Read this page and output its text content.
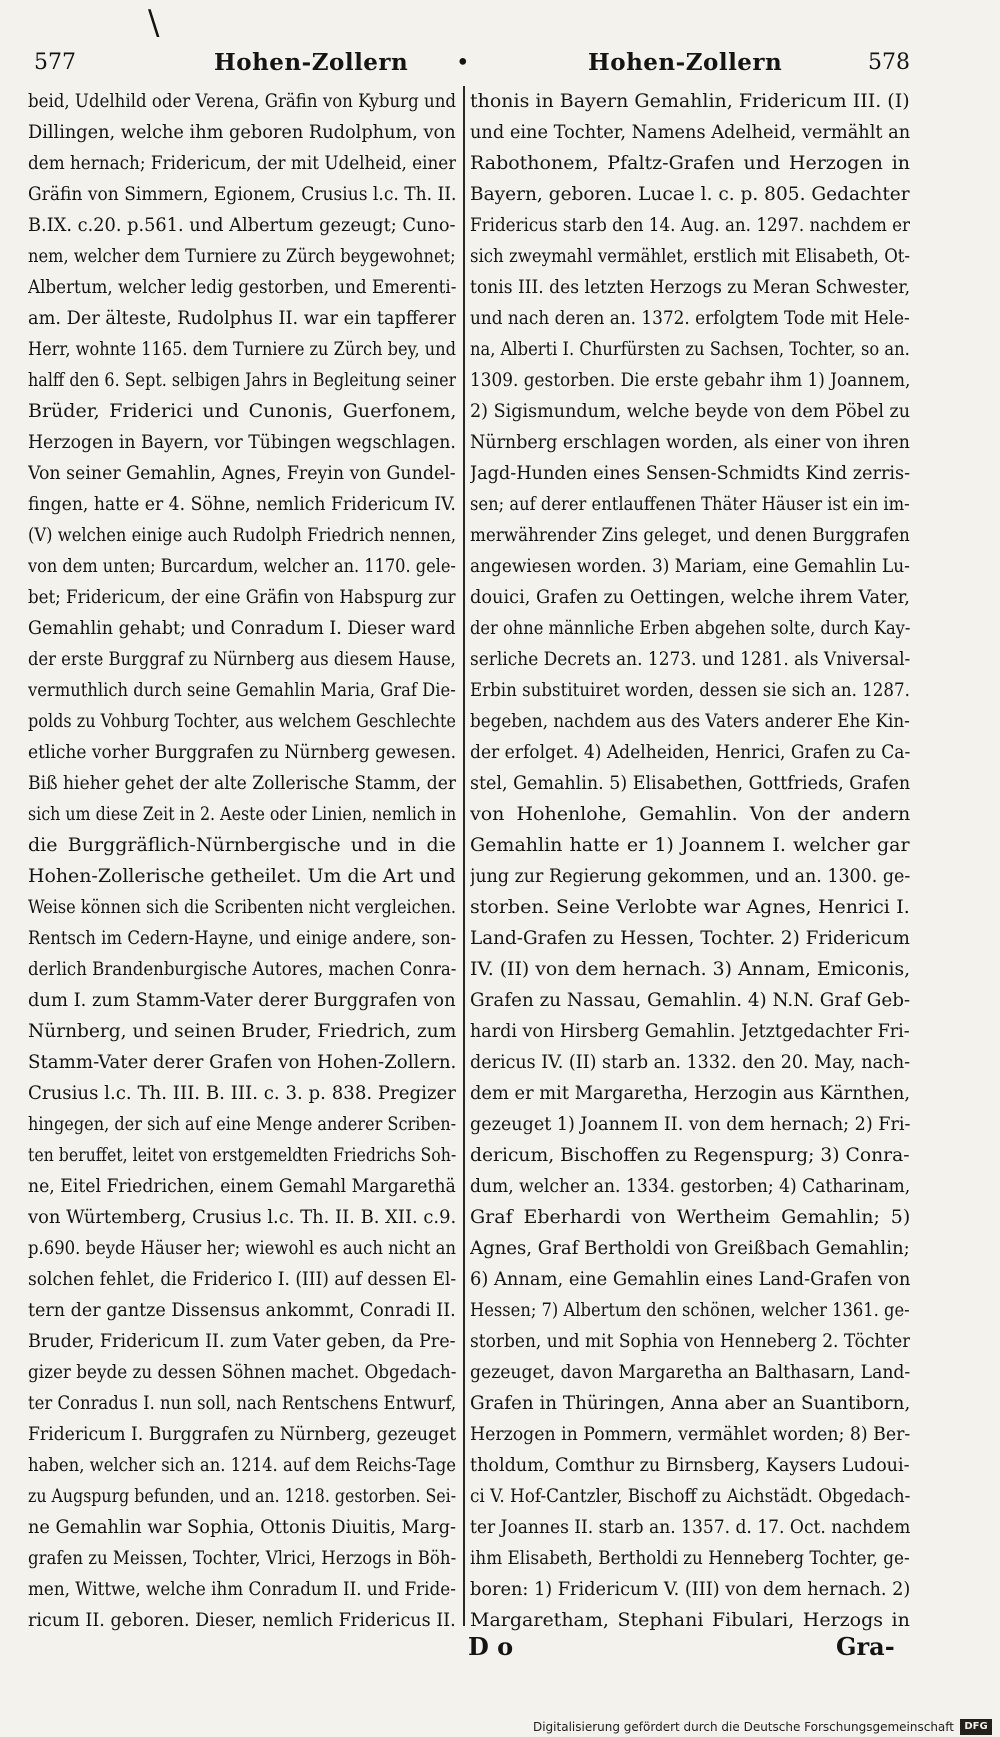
\
577	Hohen-Zollern •	Hohen-Zollern	578
beid, Udelhild oder Verena, Gräfin von Kyburg und
Dillingen, welche ihm geboren Rudolphum, von
dem hernach; Fridericum, der mit Udelheid, einer
Gräfin von Simmern, Egionem, Crusius l.c. Th. II.
B.IX. c.20. p.561. und Albertum gezeugt; Cuno-
nem, welcher dem Turniere zu Zürch beygewohnet;
Albertum, welcher ledig gestorben, und Emerenti-
am. Der älteste, Rudolphus II. war ein tapfferer
Herr, wohnte 1165. dem Turniere zu Zürch bey, und
halff den 6. Sept. selbigen Jahrs in Begleitung seiner
Brüder, Friderici und Cunonis, Guerfonem,
Herzogen in Bayern, vor Tübingen wegschlagen.
Von seiner Gemahlin, Agnes, Freyin von Gundel-
fingen, hatte er 4. Söhne, nemlich Fridericum IV.
(V) welchen einige auch Rudolph Friedrich nennen,
von dem unten; Burcardum, welcher an. 1170. gele-
bet; Fridericum, der eine Gräfin von Habspurg zur
Gemahlin gehabt; und Conradum I. Dieser ward
der erste Burggraf zu Nürnberg aus diesem Hause,
vermuthlich durch seine Gemahlin Maria, Graf Die-
polds zu Vohburg Tochter, aus welchem Geschlechte
etliche vorher Burggrafen zu Nürnberg gewesen.
Biß hieher gehet der alte Zollerische Stamm, der
sich um diese Zeit in 2. Aeste oder Linien, nemlich in
die Burggräflich-Nürnbergische und in die
Hohen-Zollerische getheilet. Um die Art und
Weise können sich die Scribenten nicht vergleichen.
Rentsch im Cedern-Hayne, und einige andere, son-
derlich Brandenburgische Autores, machen Conra-
dum I. zum Stamm-Vater derer Burggrafen von
Nürnberg, und seinen Bruder, Friedrich, zum
Stamm-Vater derer Grafen von Hohen-Zollern.
Crusius l.c. Th. III. B. III. c. 3. p. 838. Pregizer
hingegen, der sich auf eine Menge anderer Scriben-
ten beruffet, leitet von erstgemeldten Friedrichs Soh-
ne, Eitel Friedrichen, einem Gemahl Margarethä
von Würtemberg, Crusius l.c. Th. II. B. XII. c.9.
p.690. beyde Häuser her; wiewohl es auch nicht an
solchen fehlet, die Friderico I. (III) auf dessen El-
tern der gantze Dissensus ankommt, Conradi II.
Bruder, Fridericum II. zum Vater geben, da Pre-
gizer beyde zu dessen Söhnen machet. Obgedach-
ter Conradus I. nun soll, nach Rentschens Entwurf,
Fridericum I. Burggrafen zu Nürnberg, gezeuget
haben, welcher sich an. 1214. auf dem Reichs-Tage
zu Augspurg befunden, und an. 1218. gestorben. Sei-
ne Gemahlin war Sophia, Ottonis Diuitis, Marg-
grafen zu Meissen, Tochter, Vlrici, Herzogs in Böh-
men, Wittwe, welche ihm Conradum II. und Fride-
ricum II. geboren. Dieser, nemlich Fridericus II.
thonis in Bayern Gemahlin, Fridericum III. (I)
und eine Tochter, Namens Adelheid, vermählt an
Rabothonem, Pfaltz-Grafen und Herzogen in
Bayern, geboren. Lucae l. c. p. 805. Gedachter
Fridericus starb den 14. Aug. an. 1297. nachdem er
sich zweymahl vermählet, erstlich mit Elisabeth, Ot-
tonis III. des letzten Herzogs zu Meran Schwester,
und nach deren an. 1372. erfolgtem Tode mit Hele-
na, Alberti I. Churfürsten zu Sachsen, Tochter, so an.
1309. gestorben. Die erste gebahr ihm 1) Joannem,
2) Sigismundum, welche beyde von dem Pöbel zu
Nürnberg erschlagen worden, als einer von ihren
Jagd-Hunden eines Sensen-Schmidts Kind zerris-
sen; auf derer entlauffenen Thäter Häuser ist ein im-
merwährender Zins geleget, und denen Burggrafen
angewiesen worden. 3) Mariam, eine Gemahlin Lu-
douici, Grafen zu Oettingen, welche ihrem Vater,
der ohne männliche Erben abgehen solte, durch Kay-
serliche Decrets an. 1273. und 1281. als Vniversal-
Erbin substituiret worden, dessen sie sich an. 1287.
begeben, nachdem aus des Vaters anderer Ehe Kin-
der erfolget. 4) Adelheiden, Henrici, Grafen zu Ca-
stel, Gemahlin. 5) Elisabethen, Gottfrieds, Grafen
von Hohenlohe, Gemahlin. Von der andern
Gemahlin hatte er 1) Joannem I. welcher gar
jung zur Regierung gekommen, und an. 1300. ge-
storben. Seine Verlobte war Agnes, Henrici I.
Land-Grafen zu Hessen, Tochter. 2) Fridericum
IV. (II) von dem hernach. 3) Annam, Emiconis,
Grafen zu Nassau, Gemahlin. 4) N.N. Graf Geb-
hardi von Hirsberg Gemahlin. Jetztgedachter Fri-
dericus IV. (II) starb an. 1332. den 20. May, nach-
dem er mit Margaretha, Herzogin aus Kärnthen,
gezeuget 1) Joannem II. von dem hernach; 2) Fri-
dericum, Bischoffen zu Regenspurg; 3) Conra-
dum, welcher an. 1334. gestorben; 4) Catharinam,
Graf Eberhardi von Wertheim Gemahlin; 5)
Agnes, Graf Bertholdi von Greißbach Gemahlin;
6) Annam, eine Gemahlin eines Land-Grafen von
Hessen; 7) Albertum den schönen, welcher 1361. ge-
storben, und mit Sophia von Henneberg 2. Töchter
gezeuget, davon Margaretha an Balthasarn, Land-
Grafen in Thüringen, Anna aber an Suantiborn,
Herzogen in Pommern, vermählet worden; 8) Ber-
tholdum, Comthur zu Birnsberg, Kaysers Ludoui-
ci V. Hof-Cantzler, Bischoff zu Aichstädt. Obgedach-
ter Joannes II. starb an. 1357. d. 17. Oct. nachdem
ihm Elisabeth, Bertholdi zu Henneberg Tochter, ge-
boren: 1) Fridericum V. (III) von dem hernach. 2)
Margaretham, Stephani Fibulari, Herzogs in
D o	Gra-
Digitalisierung gefördert durch die Deutsche Forschungsgemeinschaft	DFG
